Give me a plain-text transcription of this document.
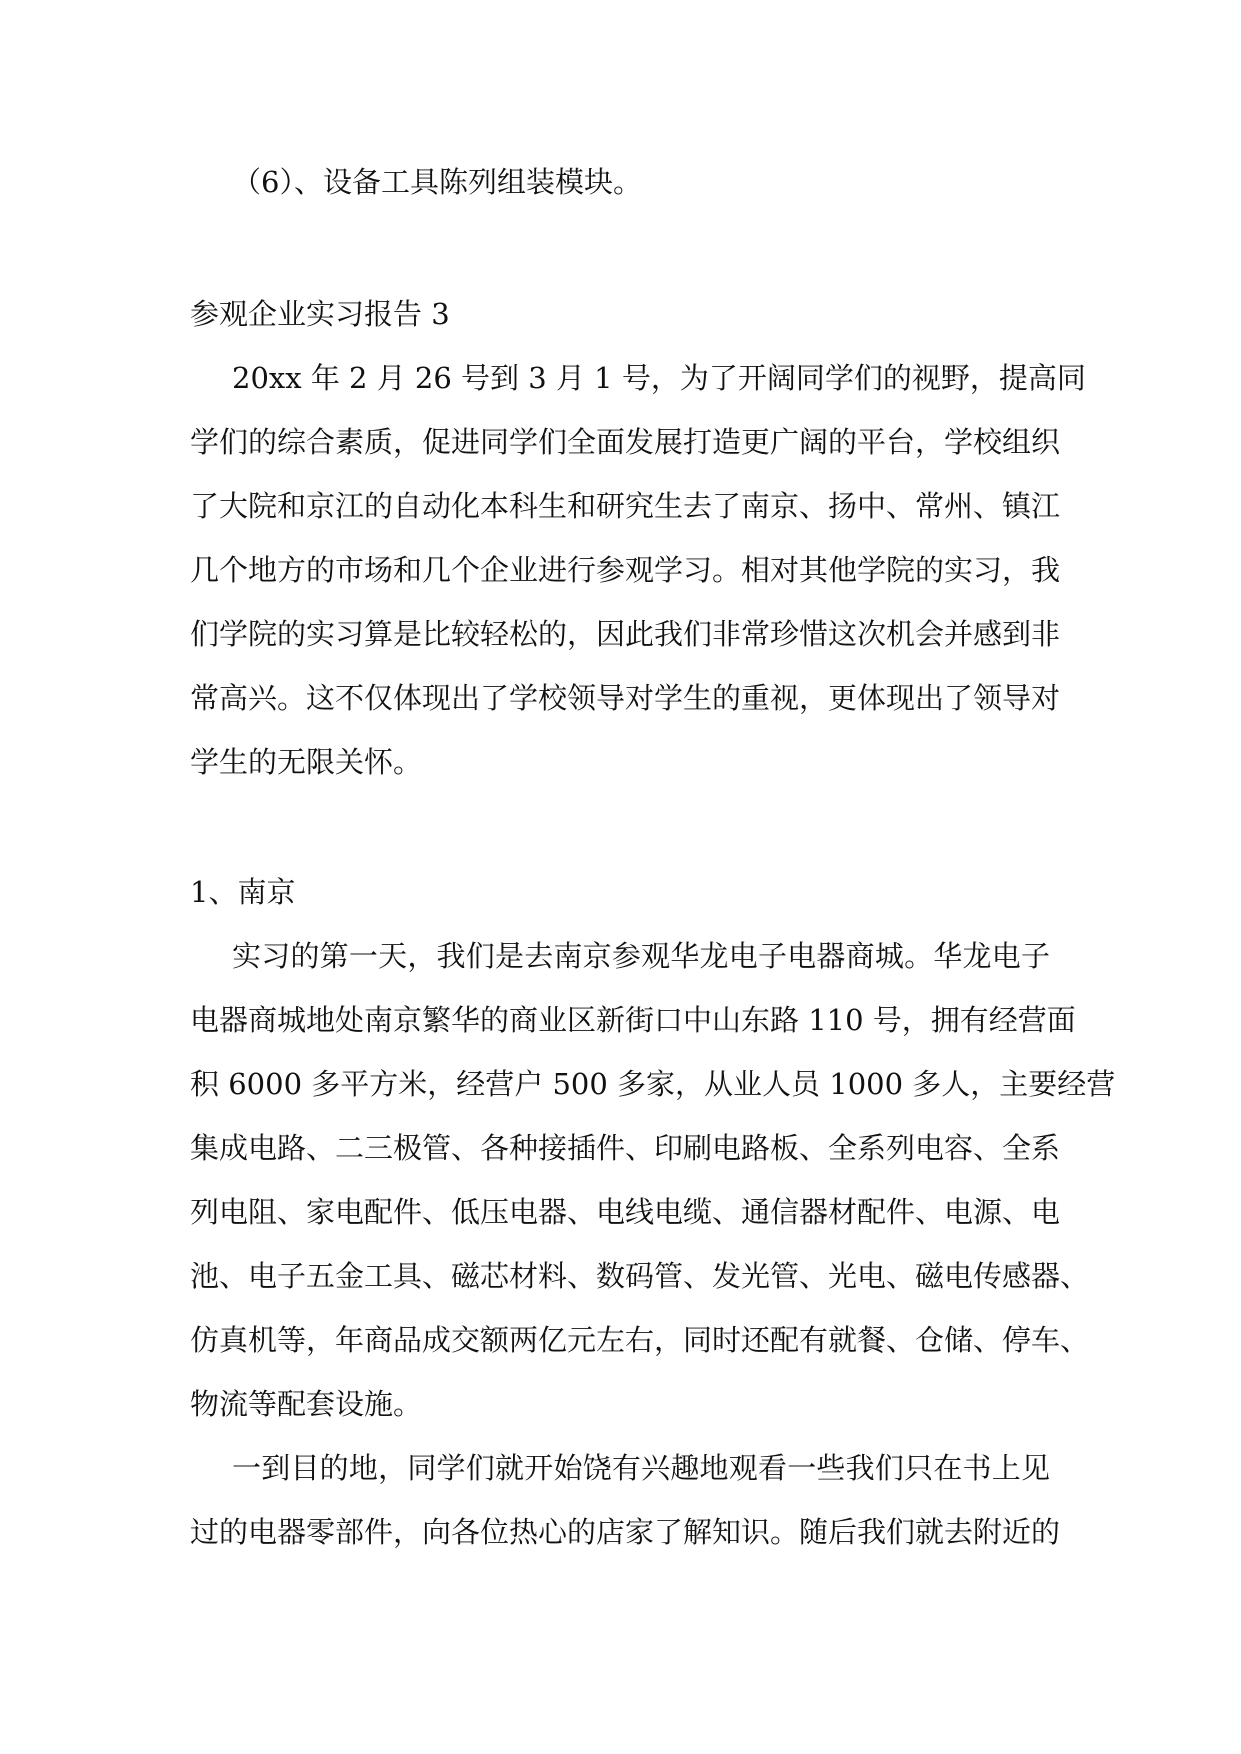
（6）、设备工具陈列组装模块。
参观企业实习报告 3
20xx 年 2 月 26 号到 3 月 1 号，为了开阔同学们的视野，提高同
学们的综合素质，促进同学们全面发展打造更广阔的平台，学校组织
了大院和京江的自动化本科生和研究生去了南京、扬中、常州、镇江
几个地方的市场和几个企业进行参观学习。相对其他学院的实习，我
们学院的实习算是比较轻松的，因此我们非常珍惜这次机会并感到非
常高兴。这不仅体现出了学校领导对学生的重视，更体现出了领导对
学生的无限关怀。
1、南京
实习的第一天，我们是去南京参观华龙电子电器商城。华龙电子
电器商城地处南京繁华的商业区新街口中山东路 110 号，拥有经营面
积 6000 多平方米，经营户 500 多家，从业人员 1000 多人，主要经营
集成电路、二三极管、各种接插件、印刷电路板、全系列电容、全系
列电阻、家电配件、低压电器、电线电缆、通信器材配件、电源、电
池、电子五金工具、磁芯材料、数码管、发光管、光电、磁电传感器、
仿真机等，年商品成交额两亿元左右，同时还配有就餐、仓储、停车、
物流等配套设施。
一到目的地，同学们就开始饶有兴趣地观看一些我们只在书上见
过的电器零部件，向各位热心的店家了解知识。随后我们就去附近的
